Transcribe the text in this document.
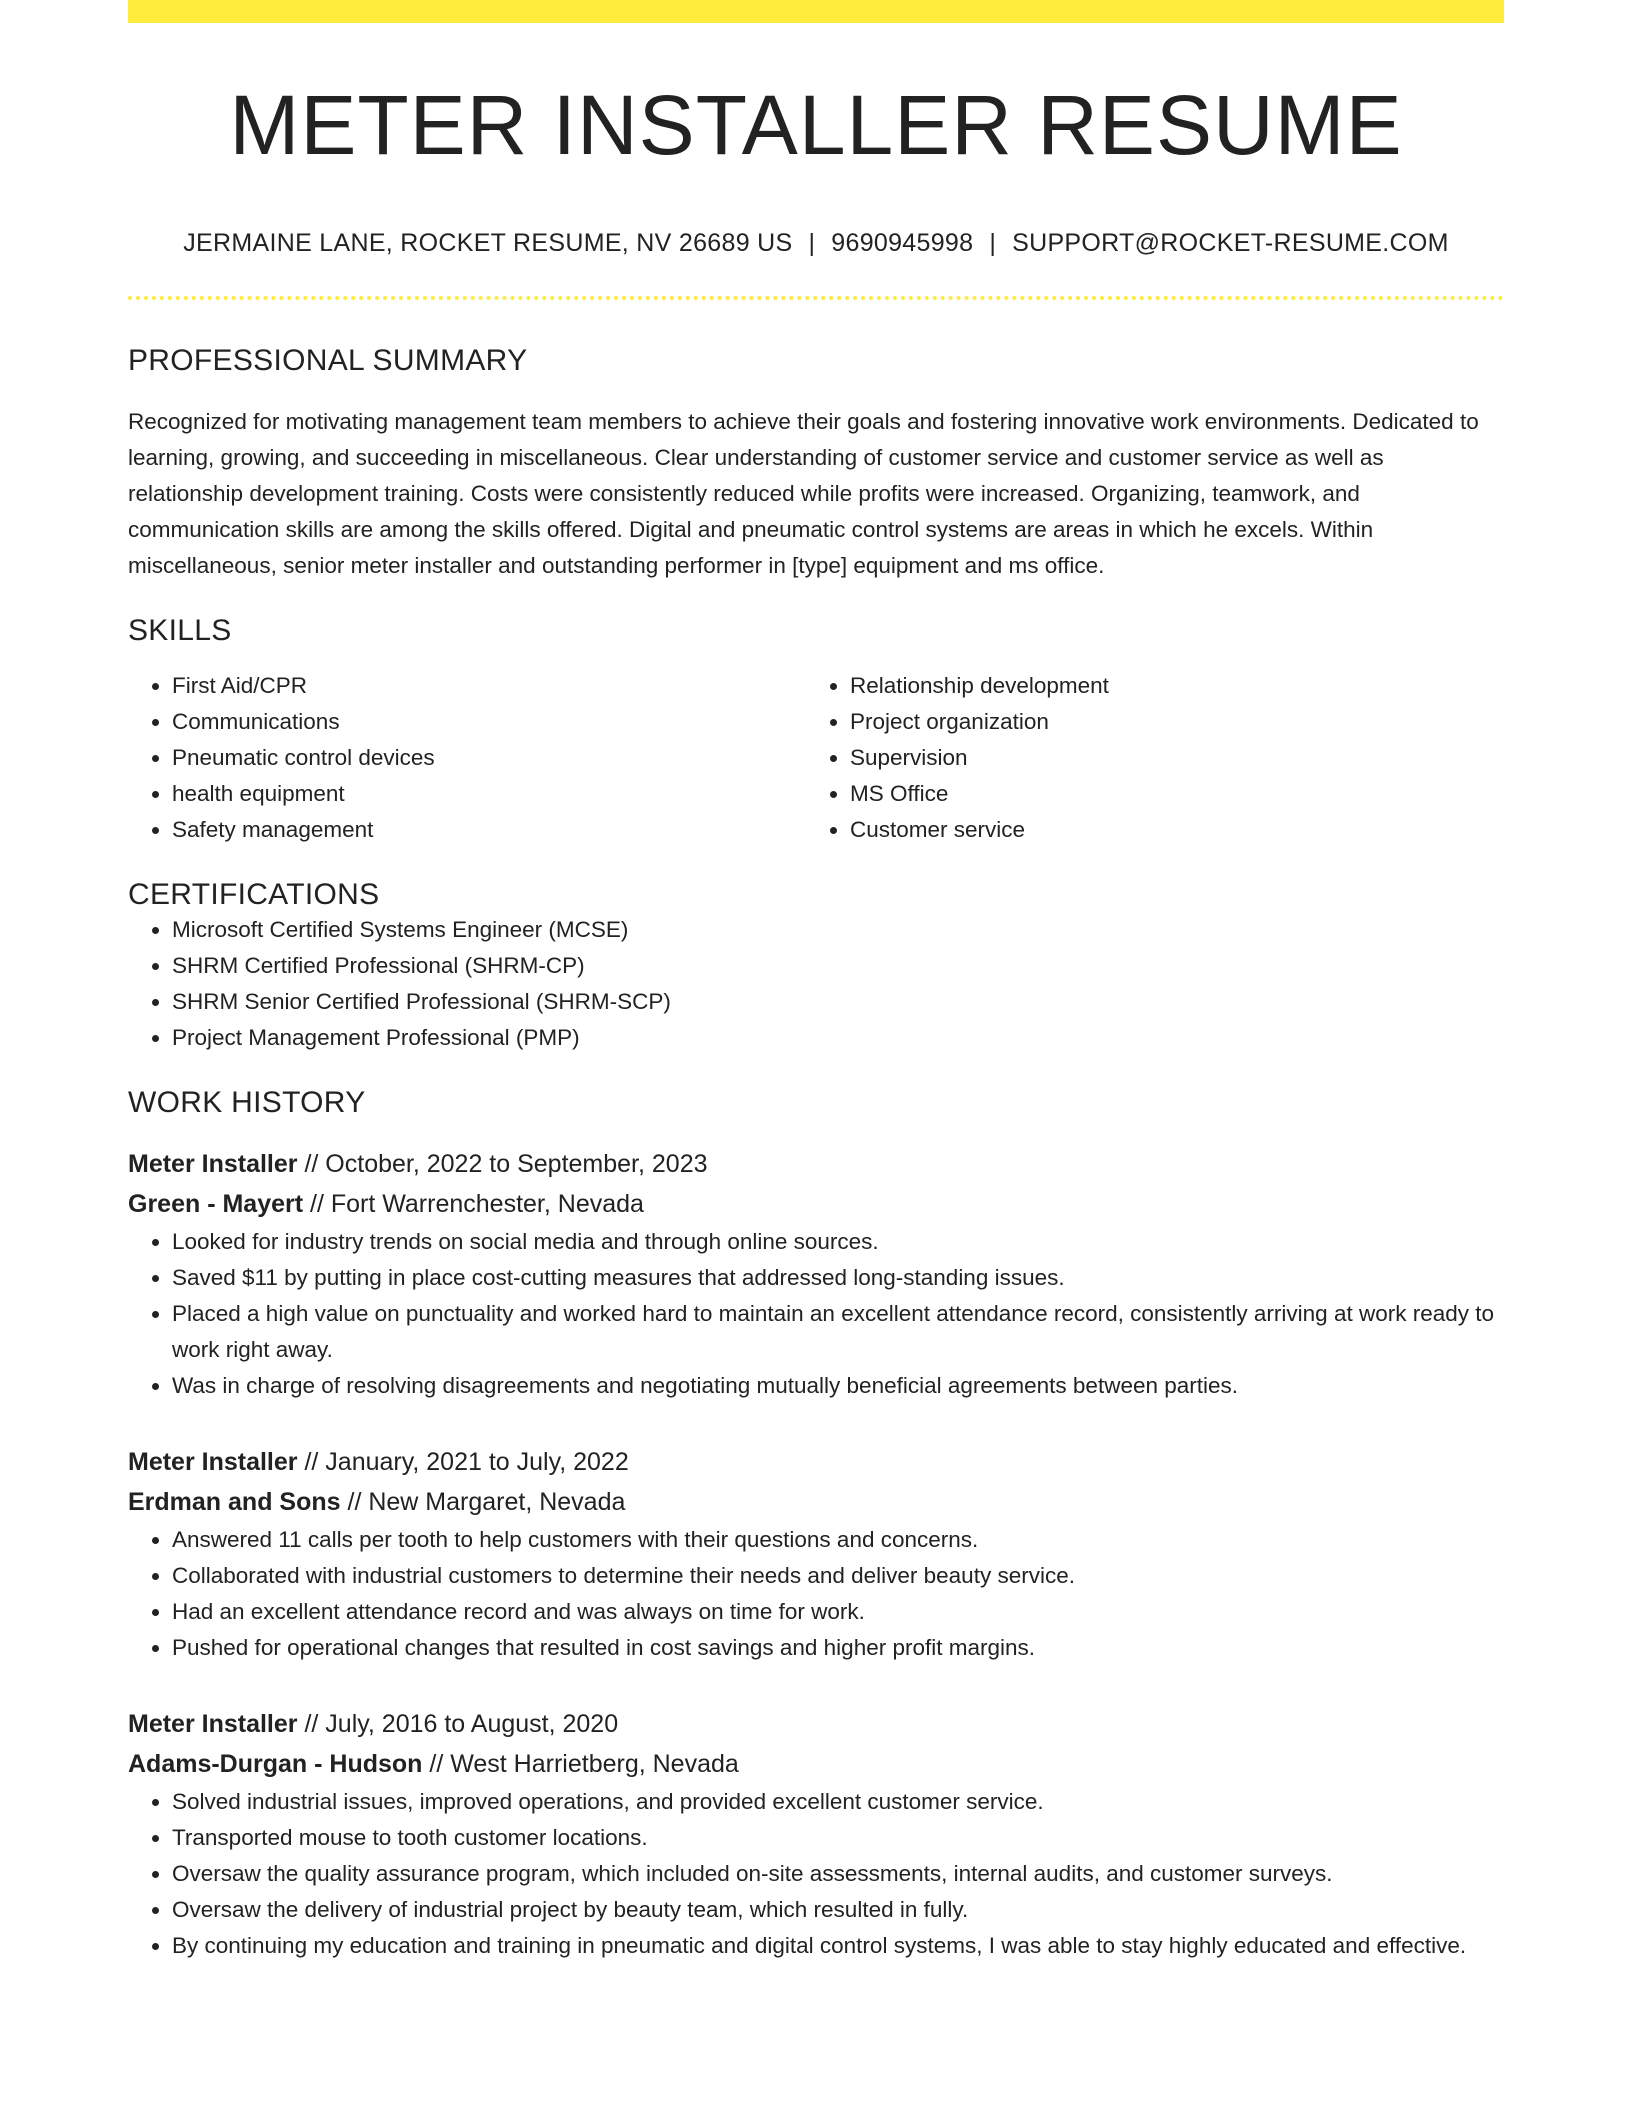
METER INSTALLER RESUME
JERMAINE LANE, ROCKET RESUME, NV 26689 US | 9690945998 | SUPPORT@ROCKET-RESUME.COM
PROFESSIONAL SUMMARY

Recognized for motivating management team members to achieve their goals and fostering innovative work environments. Dedicated to learning, growing, and succeeding in miscellaneous. Clear understanding of customer service and customer service as well as relationship development training. Costs were consistently reduced while profits were increased. Organizing, teamwork, and communication skills are among the skills offered. Digital and pneumatic control systems are areas in which he excels. Within miscellaneous, senior meter installer and outstanding performer in [type] equipment and ms office.

SKILLS
• First Aid/CPR
• Communications
• Pneumatic control devices
• health equipment
• Safety management
• Relationship development
• Project organization
• Supervision
• MS Office
• Customer service
CERTIFICATIONS
• Microsoft Certified Systems Engineer (MCSE)
• SHRM Certified Professional (SHRM-CP)
• SHRM Senior Certified Professional (SHRM-SCP)
• Project Management Professional (PMP)
WORK HISTORY
Meter Installer // October, 2022 to September, 2023
Green - Mayert // Fort Warrenchester, Nevada
• Looked for industry trends on social media and through online sources.
• Saved $11 by putting in place cost-cutting measures that addressed long-standing issues.
• Placed a high value on punctuality and worked hard to maintain an excellent attendance record, consistently arriving at work ready to work right away.
• Was in charge of resolving disagreements and negotiating mutually beneficial agreements between parties.
Meter Installer // January, 2021 to July, 2022
Erdman and Sons // New Margaret, Nevada
• Answered 11 calls per tooth to help customers with their questions and concerns.
• Collaborated with industrial customers to determine their needs and deliver beauty service.
• Had an excellent attendance record and was always on time for work.
• Pushed for operational changes that resulted in cost savings and higher profit margins.
Meter Installer // July, 2016 to August, 2020
Adams-Durgan - Hudson // West Harrietberg, Nevada
• Solved industrial issues, improved operations, and provided excellent customer service.
• Transported mouse to tooth customer locations.
• Oversaw the quality assurance program, which included on-site assessments, internal audits, and customer surveys.
• Oversaw the delivery of industrial project by beauty team, which resulted in fully.
• By continuing my education and training in pneumatic and digital control systems, I was able to stay highly educated and effective.
